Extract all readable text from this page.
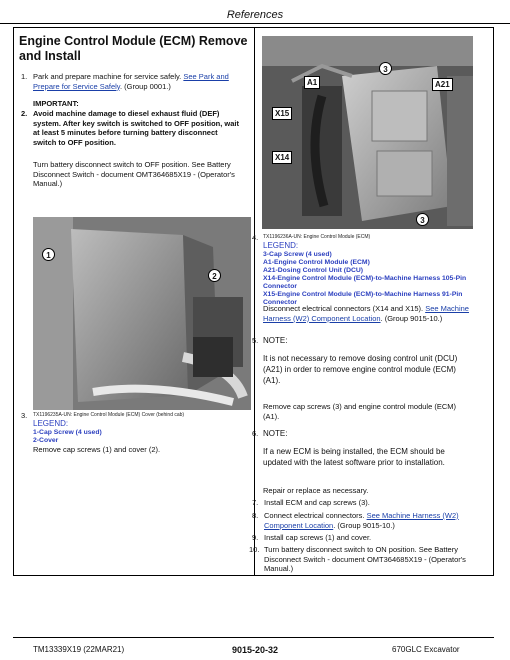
References
Engine Control Module (ECM) Remove
and Install
1. Park and prepare machine for service safely. See Park and
Prepare for Service Safely. (Group 0001.)
IMPORTANT:
2. Avoid machine damage to diesel exhaust fluid (DEF)
system. After key switch is switched to OFF position, wait
at least 5 minutes before turning battery disconnect
switch to OFF position.
Turn battery disconnect switch to OFF position. See Battery
Disconnect Switch - document OMT364685X19 - (Operator's
Manual.)
1
2
3. TX1196235A-UN: Engine Control Module (ECM) Cover (behind cab)
LEGEND:
1-Cap Screw (4 used)
2-Cover
Remove cap screws (1) and cover (2).
A1	A21
X15
X14
3
3
4. TX1196236A-UN: Engine Control Module (ECM)
LEGEND:
3-Cap Screw (4 used)
A1-Engine Control Module (ECM)
A21-Dosing Control Unit (DCU)
X14-Engine Control Module (ECM)-to-Machine Harness 105-Pin
Connector
X15-Engine Control Module (ECM)-to-Machine Harness 91-Pin
Connector
Disconnect electrical connectors (X14 and X15). See Machine
Harness (W2) Component Location. (Group 9015-10.)
5. NOTE:
It is not necessary to remove dosing control unit (DCU)
(A21) in order to remove engine control module (ECM)
(A1).
Remove cap screws (3) and engine control module (ECM)
(A1).
6. NOTE:
If a new ECM is being installed, the ECM should be
updated with the latest software prior to installation.
Repair or replace as necessary.
7. Install ECM and cap screws (3).
8. Connect electrical connectors. See Machine Harness (W2)
Component Location. (Group 9015-10.)
9. Install cap screws (1) and cover.
10. Turn battery disconnect switch to ON position. See Battery
Disconnect Switch - document OMT364685X19 - (Operator's
Manual.)
TM13339X19 (22MAR21)	9015-20-32	670GLC Excavator
